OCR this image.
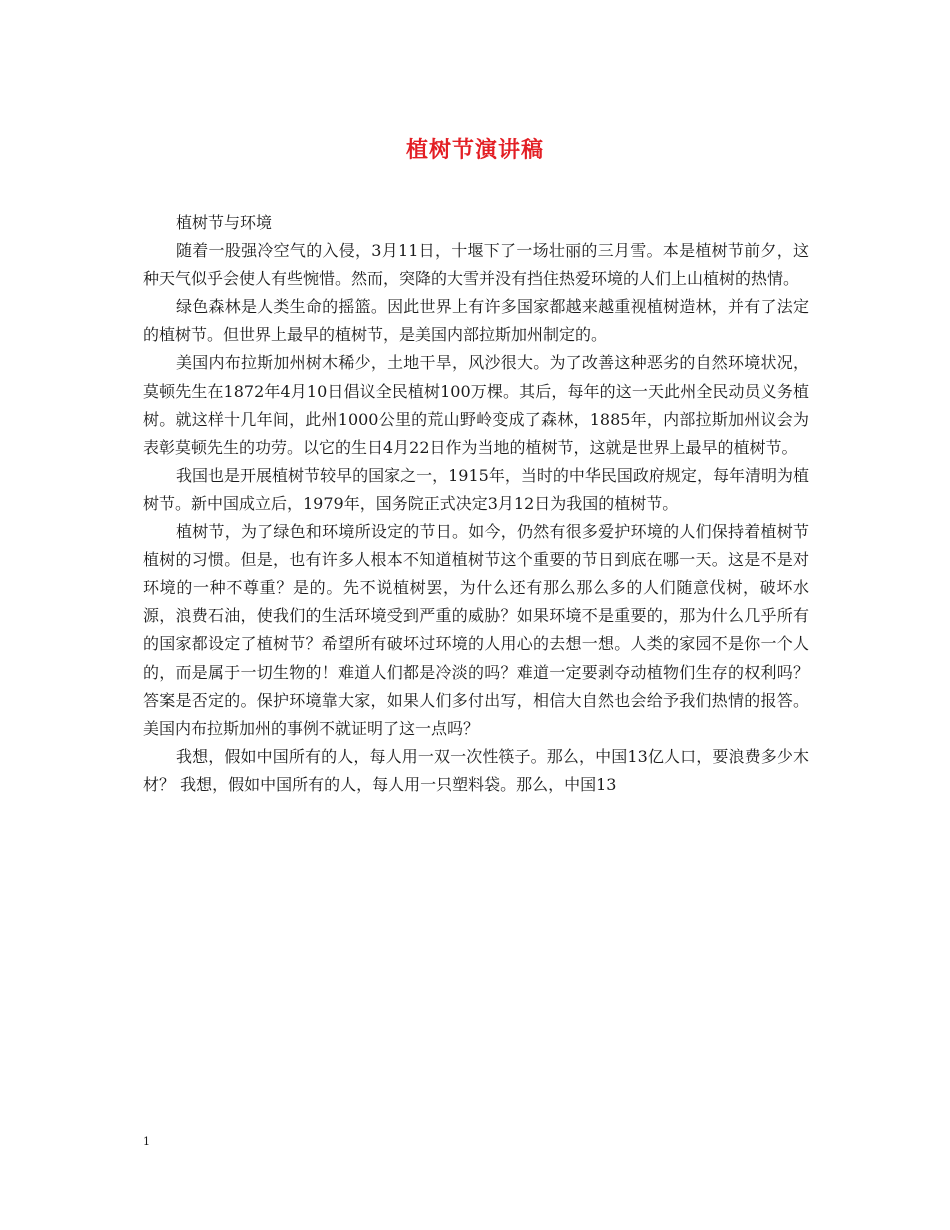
植树节演讲稿

植树节与环境

随着一股强冷空气的入侵，3月11日，十堰下了一场壮丽的三月雪。本是植树节前夕，这种天气似乎会使人有些惋惜。然而，突降的大雪并没有挡住热爱环境的人们上山植树的热情。

绿色森林是人类生命的摇篮。因此世界上有许多国家都越来越重视植树造林，并有了法定的植树节。但世界上最早的植树节，是美国内部拉斯加州制定的。

美国内布拉斯加州树木稀少，土地干旱，风沙很大。为了改善这种恶劣的自然环境状况，莫顿先生在1872年4月10日倡议全民植树100万棵。其后，每年的这一天此州全民动员义务植树。就这样十几年间，此州1000公里的荒山野岭变成了森林，1885年，内部拉斯加州议会为表彰莫顿先生的功劳。以它的生日4月22日作为当地的植树节，这就是世界上最早的植树节。

我国也是开展植树节较早的国家之一，1915年，当时的中华民国政府规定，每年清明为植树节。新中国成立后，1979年，国务院正式决定3月12日为我国的植树节。

植树节，为了绿色和环境所设定的节日。如今，仍然有很多爱护环境的人们保持着植树节植树的习惯。但是，也有许多人根本不知道植树节这个重要的节日到底在哪一天。这是不是对环境的一种不尊重？是的。先不说植树罢，为什么还有那么那么多的人们随意伐树，破坏水源，浪费石油，使我们的生活环境受到严重的威胁？如果环境不是重要的，那为什么几乎所有的国家都设定了植树节？希望所有破坏过环境的人用心的去想一想。人类的家园不是你一个人的，而是属于一切生物的！难道人们都是冷淡的吗？难道一定要剥夺动植物们生存的权利吗？答案是否定的。保护环境靠大家，如果人们多付出写，相信大自然也会给予我们热情的报答。美国内布拉斯加州的事例不就证明了这一点吗？

我想，假如中国所有的人，每人用一双一次性筷子。那么，中国13亿人口，要浪费多少木材？ 我想，假如中国所有的人，每人用一只塑料袋。那么，中国13

1
